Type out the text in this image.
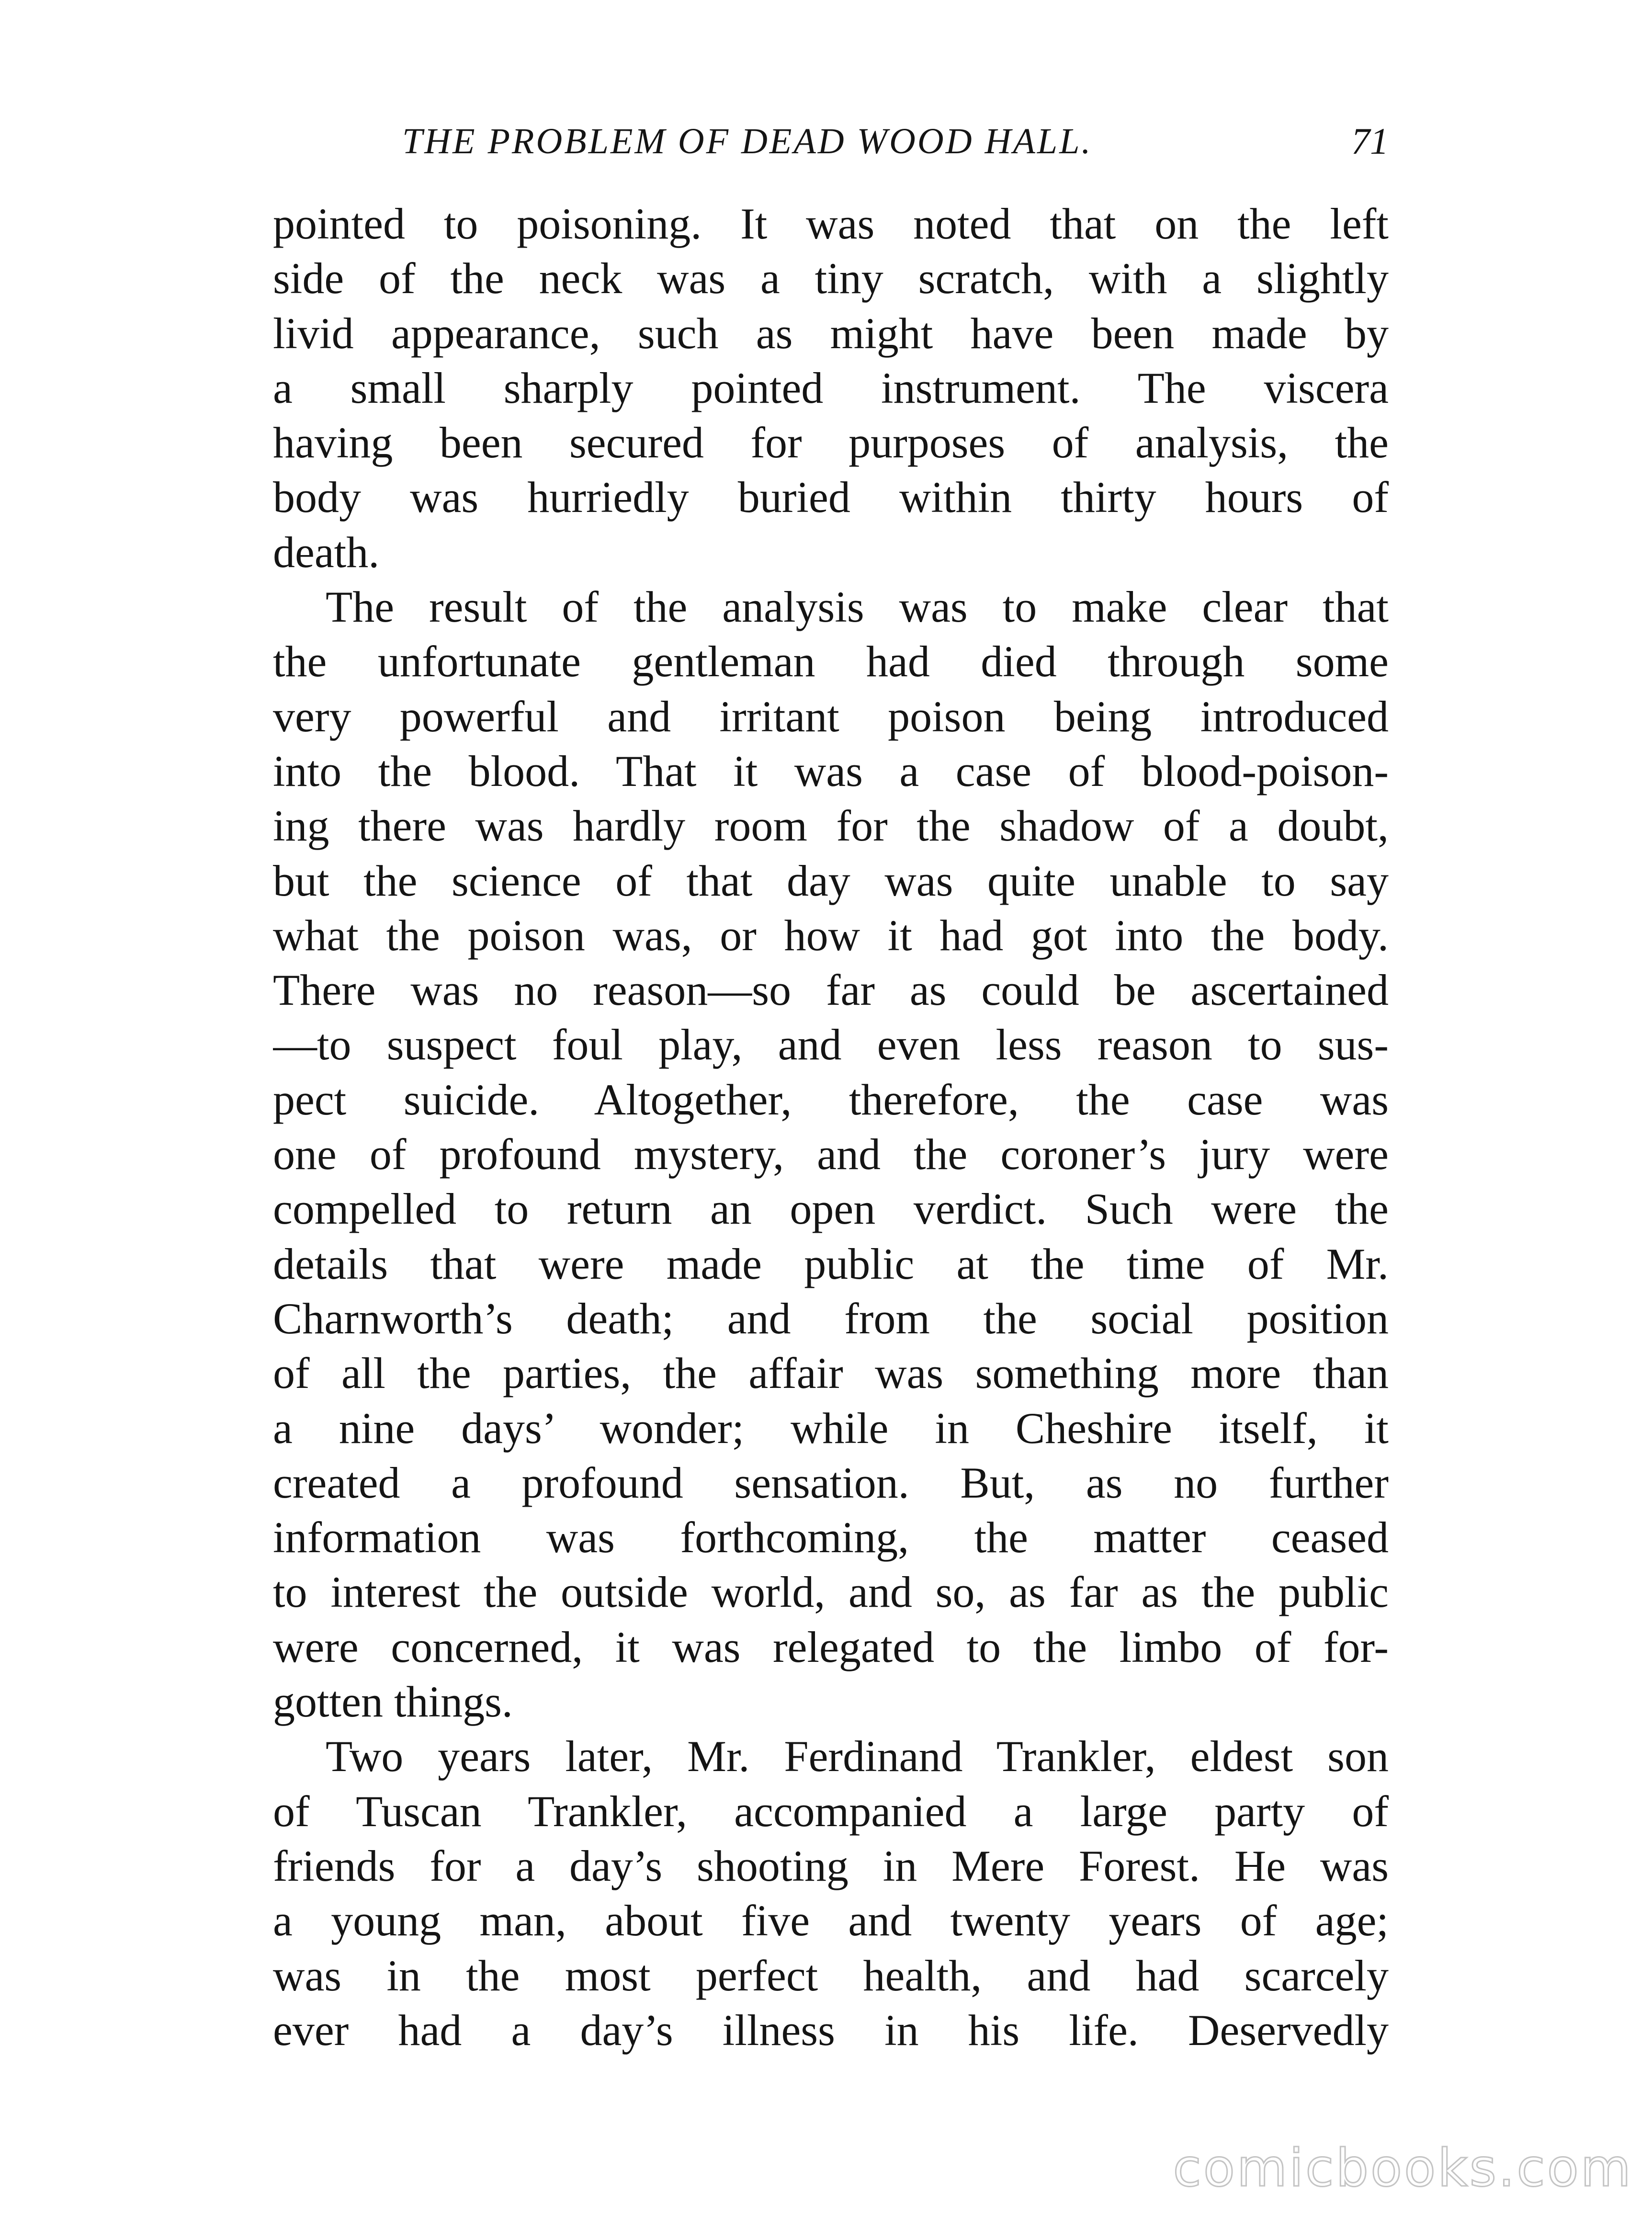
THE PROBLEM OF DEAD WOOD HALL.	71
pointed to poisoning. It was noted that on the left
side of the neck was a tiny scratch, with a slightly
livid appearance, such as might have been made by
a small sharply pointed instrument. The viscera
having been secured for purposes of analysis, the
body was hurriedly buried within thirty hours of
death.
The result of the analysis was to make clear that
the unfortunate gentleman had died through some
very powerful and irritant poison being introduced
into the blood. That it was a case of blood-poison-
ing there was hardly room for the shadow of a doubt,
but the science of that day was quite unable to say
what the poison was, or how it had got into the body.
There was no reason—so far as could be ascertained
—to suspect foul play, and even less reason to sus-
pect suicide. Altogether, therefore, the case was
one of profound mystery, and the coroner’s jury were
compelled to return an open verdict. Such were the
details that were made public at the time of Mr.
Charnworth’s death; and from the social position
of all the parties, the affair was something more than
a nine days’ wonder; while in Cheshire itself, it
created a profound sensation. But, as no further
information was forthcoming, the matter ceased
to interest the outside world, and so, as far as the public
were concerned, it was relegated to the limbo of for-
gotten things.
Two years later, Mr. Ferdinand Trankler, eldest son
of Tuscan Trankler, accompanied a large party of
friends for a day’s shooting in Mere Forest. He was
a young man, about five and twenty years of age;
was in the most perfect health, and had scarcely
ever had a day’s illness in his life. Deservedly
comicbooks.com
